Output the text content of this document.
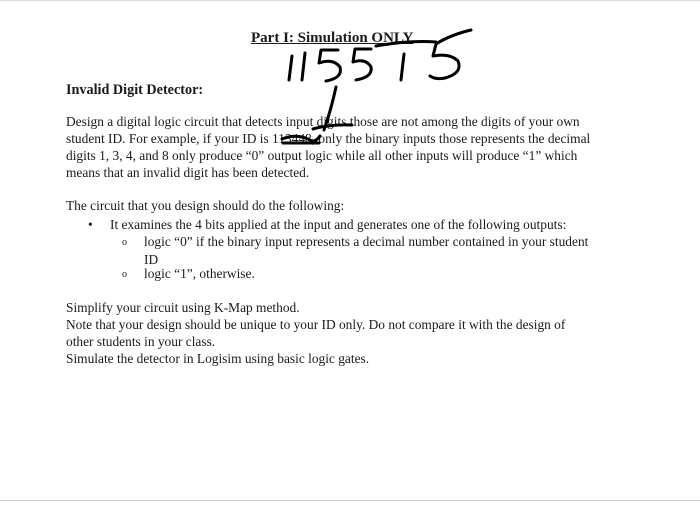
Part I: Simulation ONLY
Invalid Digit Detector:
Design a digital logic circuit that detects input digits those are not among the digits of your own
student ID. For example, if your ID is 113448, only the binary inputs those represents the decimal
digits 1, 3, 4, and 8 only produce “0” output logic while all other inputs will produce “1” which
means that an invalid digit has been detected.
The circuit that you design should do the following:
• It examines the 4 bits applied at the input and generates one of the following outputs:
o logic “0” if the binary input represents a decimal number contained in your student
ID
o logic “1”, otherwise.
Simplify your circuit using K-Map method.
Note that your design should be unique to your ID only. Do not compare it with the design of
other students in your class.
Simulate the detector in Logisim using basic logic gates.
